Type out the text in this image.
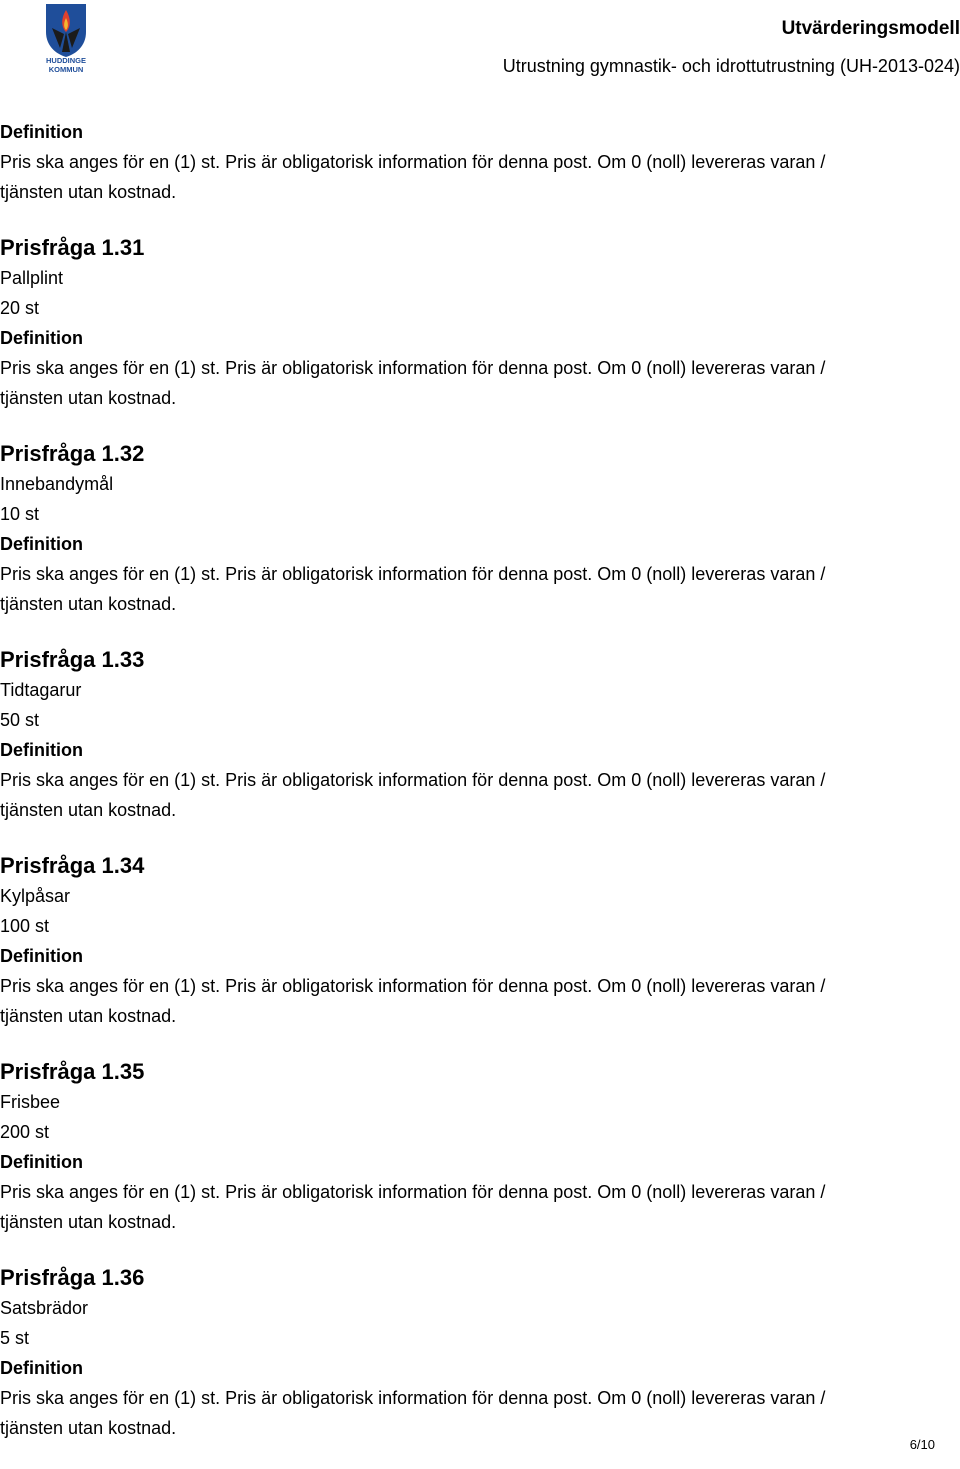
HUDDINGE
KOMMUN
Utvärderingsmodell
Utrustning gymnastik- och idrottutrustning (UH-2013-024)
Definition
Pris ska anges för en (1) st. Pris är obligatorisk information för denna post. Om 0 (noll) levereras varan /
tjänsten utan kostnad.
Prisfråga 1.31
Pallplint
20 st
Definition
Pris ska anges för en (1) st. Pris är obligatorisk information för denna post. Om 0 (noll) levereras varan /
tjänsten utan kostnad.
Prisfråga 1.32
Innebandymål
10 st
Definition
Pris ska anges för en (1) st. Pris är obligatorisk information för denna post. Om 0 (noll) levereras varan /
tjänsten utan kostnad.
Prisfråga 1.33
Tidtagarur
50 st
Definition
Pris ska anges för en (1) st. Pris är obligatorisk information för denna post. Om 0 (noll) levereras varan /
tjänsten utan kostnad.
Prisfråga 1.34
Kylpåsar
100 st
Definition
Pris ska anges för en (1) st. Pris är obligatorisk information för denna post. Om 0 (noll) levereras varan /
tjänsten utan kostnad.
Prisfråga 1.35
Frisbee
200 st
Definition
Pris ska anges för en (1) st. Pris är obligatorisk information för denna post. Om 0 (noll) levereras varan /
tjänsten utan kostnad.
Prisfråga 1.36
Satsbrädor
5 st
Definition
Pris ska anges för en (1) st. Pris är obligatorisk information för denna post. Om 0 (noll) levereras varan /
tjänsten utan kostnad.
6/10
